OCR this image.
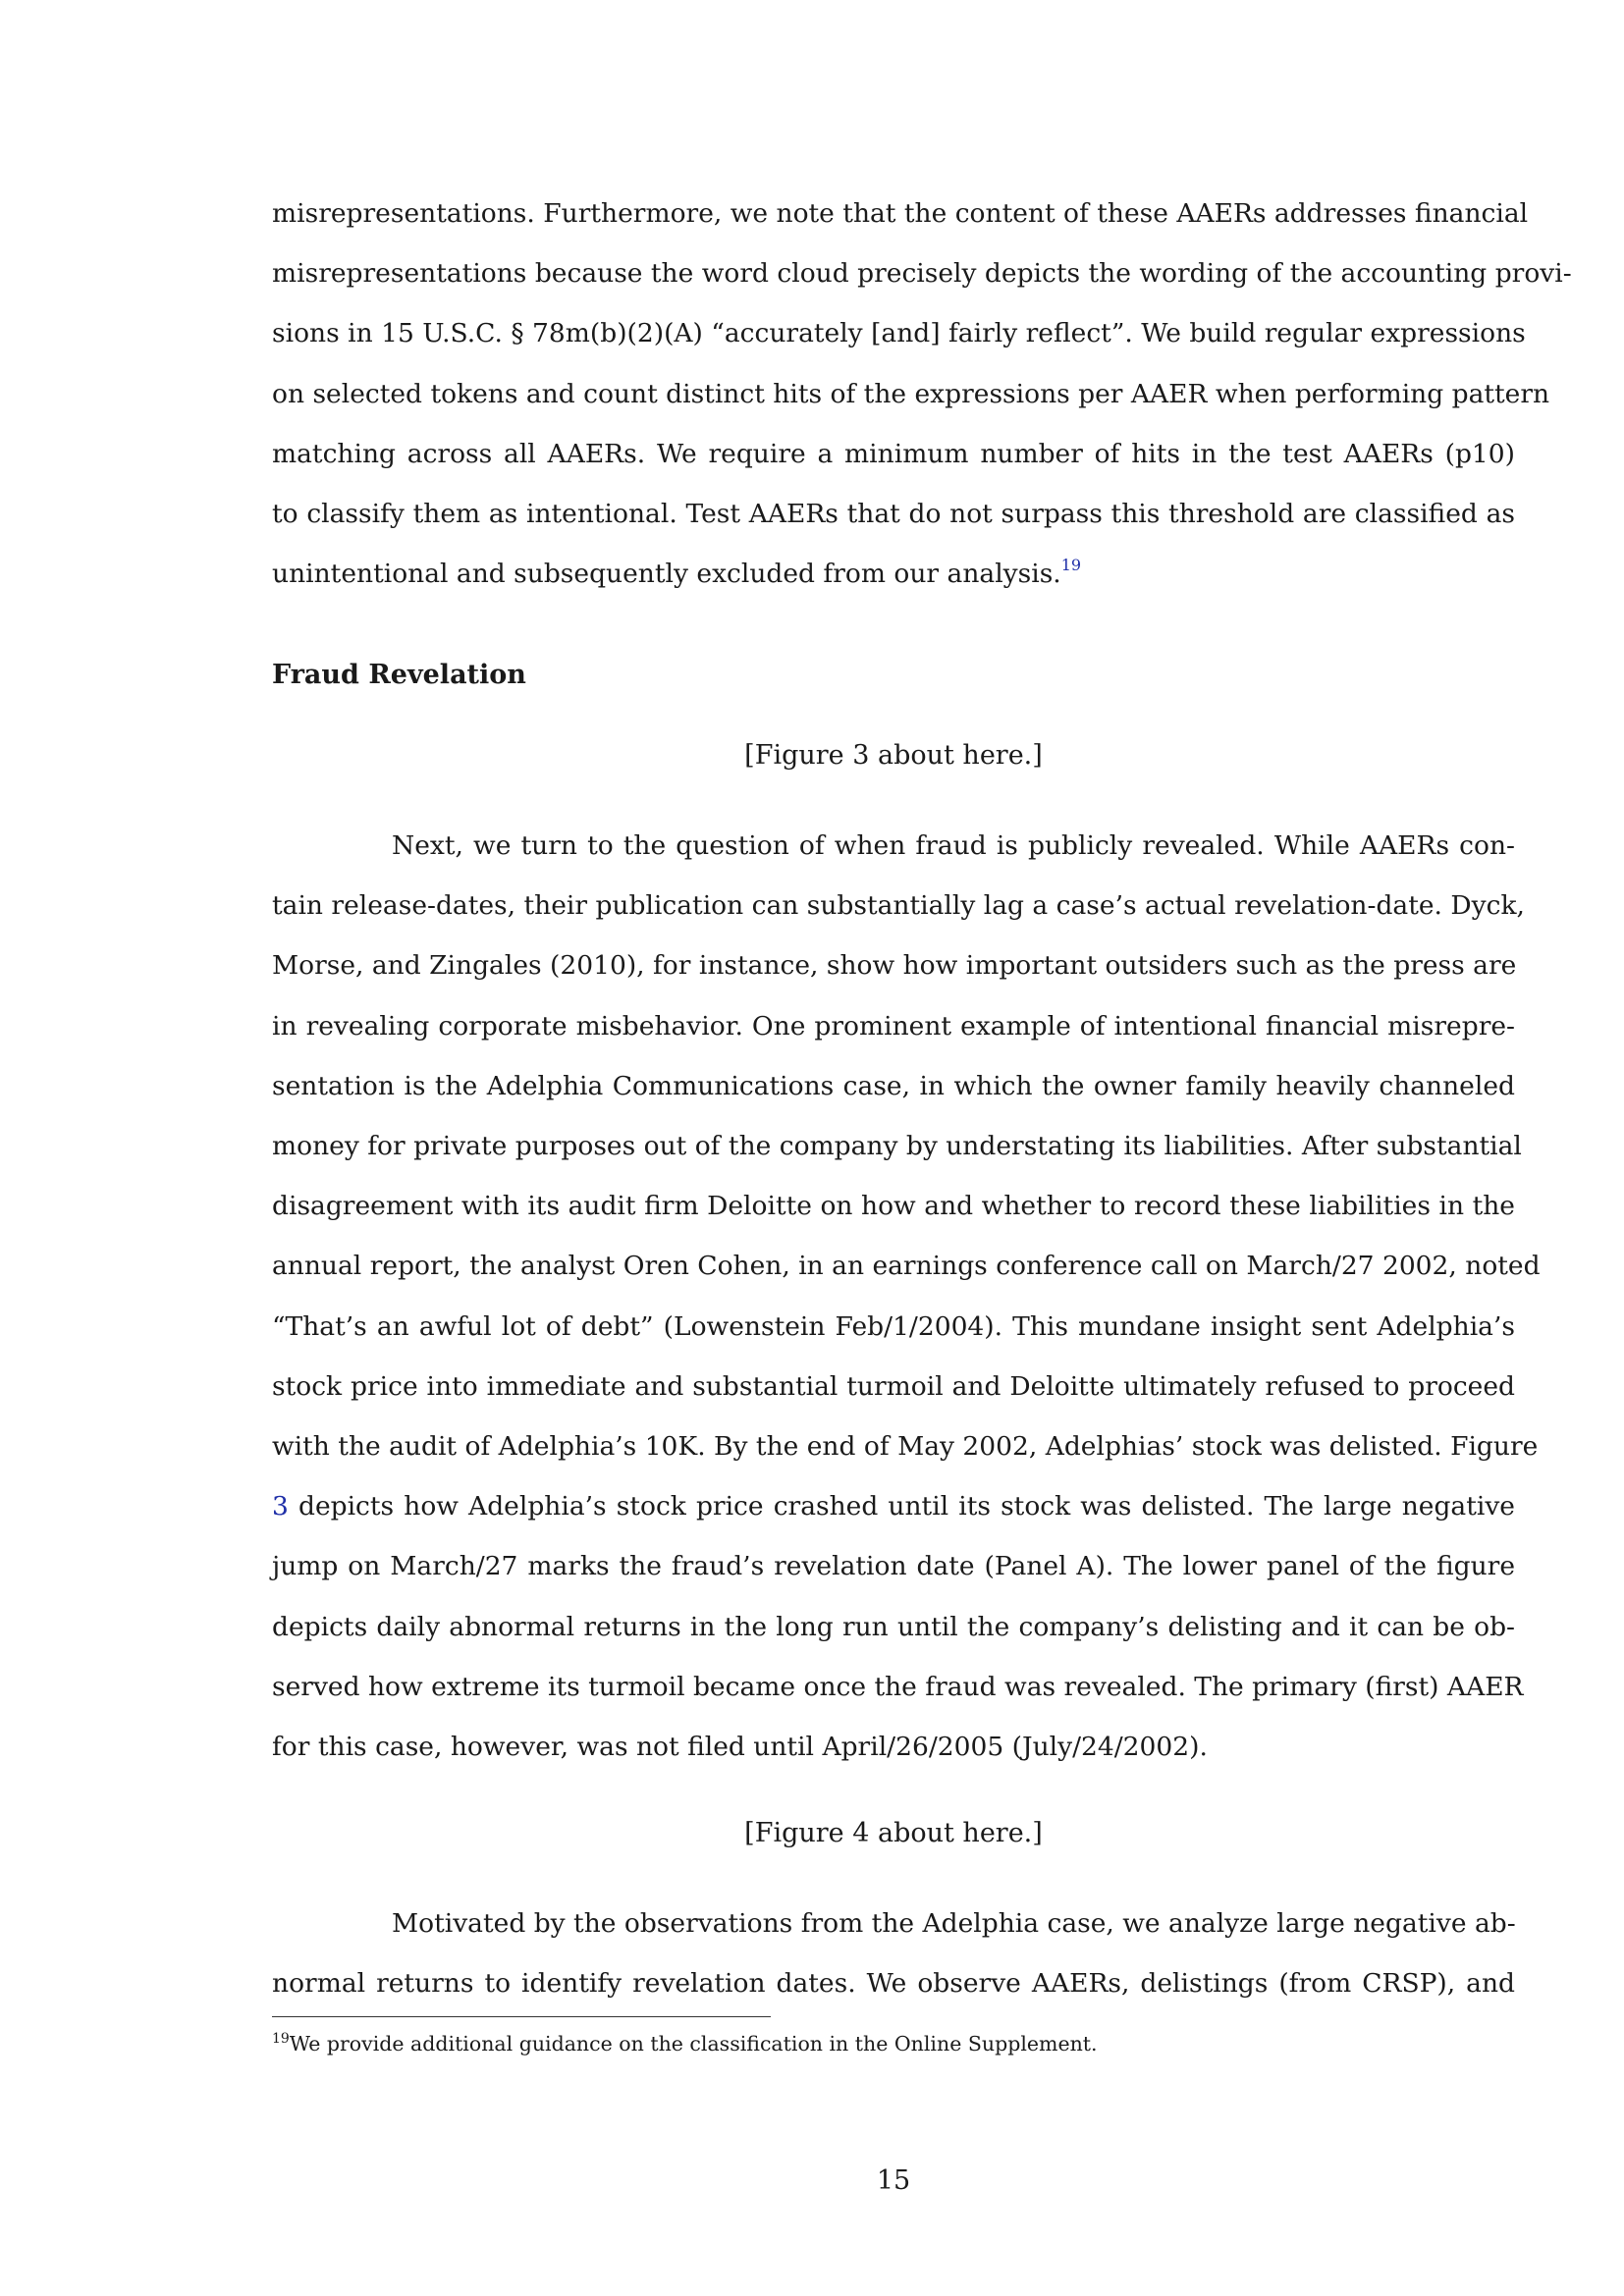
misrepresentations. Furthermore, we note that the content of these AAERs addresses financial
misrepresentations because the word cloud precisely depicts the wording of the accounting provi-
sions in 15 U.S.C. § 78m(b)(2)(A) “accurately [and] fairly reflect”. We build regular expressions
on selected tokens and count distinct hits of the expressions per AAER when performing pattern
matching across all AAERs. We require a minimum number of hits in the test AAERs (p10)
to classify them as intentional. Test AAERs that do not surpass this threshold are classified as
unintentional and subsequently excluded from our analysis.$^{19}$
Fraud Revelation
[Figure 3 about here.]
Next, we turn to the question of when fraud is publicly revealed. While AAERs con-
tain release-dates, their publication can substantially lag a case’s actual revelation-date. Dyck,
Morse, and Zingales (2010), for instance, show how important outsiders such as the press are
in revealing corporate misbehavior. One prominent example of intentional financial misrepre-
sentation is the Adelphia Communications case, in which the owner family heavily channeled
money for private purposes out of the company by understating its liabilities. After substantial
disagreement with its audit firm Deloitte on how and whether to record these liabilities in the
annual report, the analyst Oren Cohen, in an earnings conference call on March/27 2002, noted
“That’s an awful lot of debt” (Lowenstein Feb/1/2004). This mundane insight sent Adelphia’s
stock price into immediate and substantial turmoil and Deloitte ultimately refused to proceed
with the audit of Adelphia’s 10K. By the end of May 2002, Adelphias’ stock was delisted. Figure
3 depicts how Adelphia’s stock price crashed until its stock was delisted. The large negative
jump on March/27 marks the fraud’s revelation date (Panel A). The lower panel of the figure
depicts daily abnormal returns in the long run until the company’s delisting and it can be ob-
served how extreme its turmoil became once the fraud was revealed. The primary (first) AAER
for this case, however, was not filed until April/26/2005 (July/24/2002).
[Figure 4 about here.]
Motivated by the observations from the Adelphia case, we analyze large negative ab-
normal returns to identify revelation dates. We observe AAERs, delistings (from CRSP), and
$^{19}$We provide additional guidance on the classification in the Online Supplement.
15
